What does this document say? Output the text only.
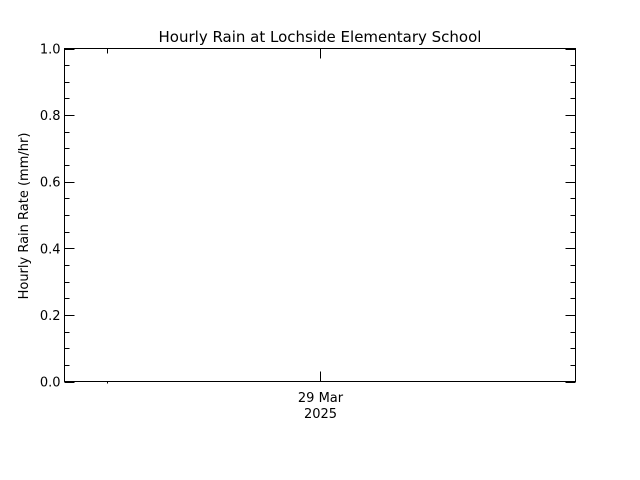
Hourly Rain at Lochside Elementary School
Hourly Rain Rate (mm/hr)
0.0
0.2
0.4
0.6
0.8
1.0
29 Mar
2025
